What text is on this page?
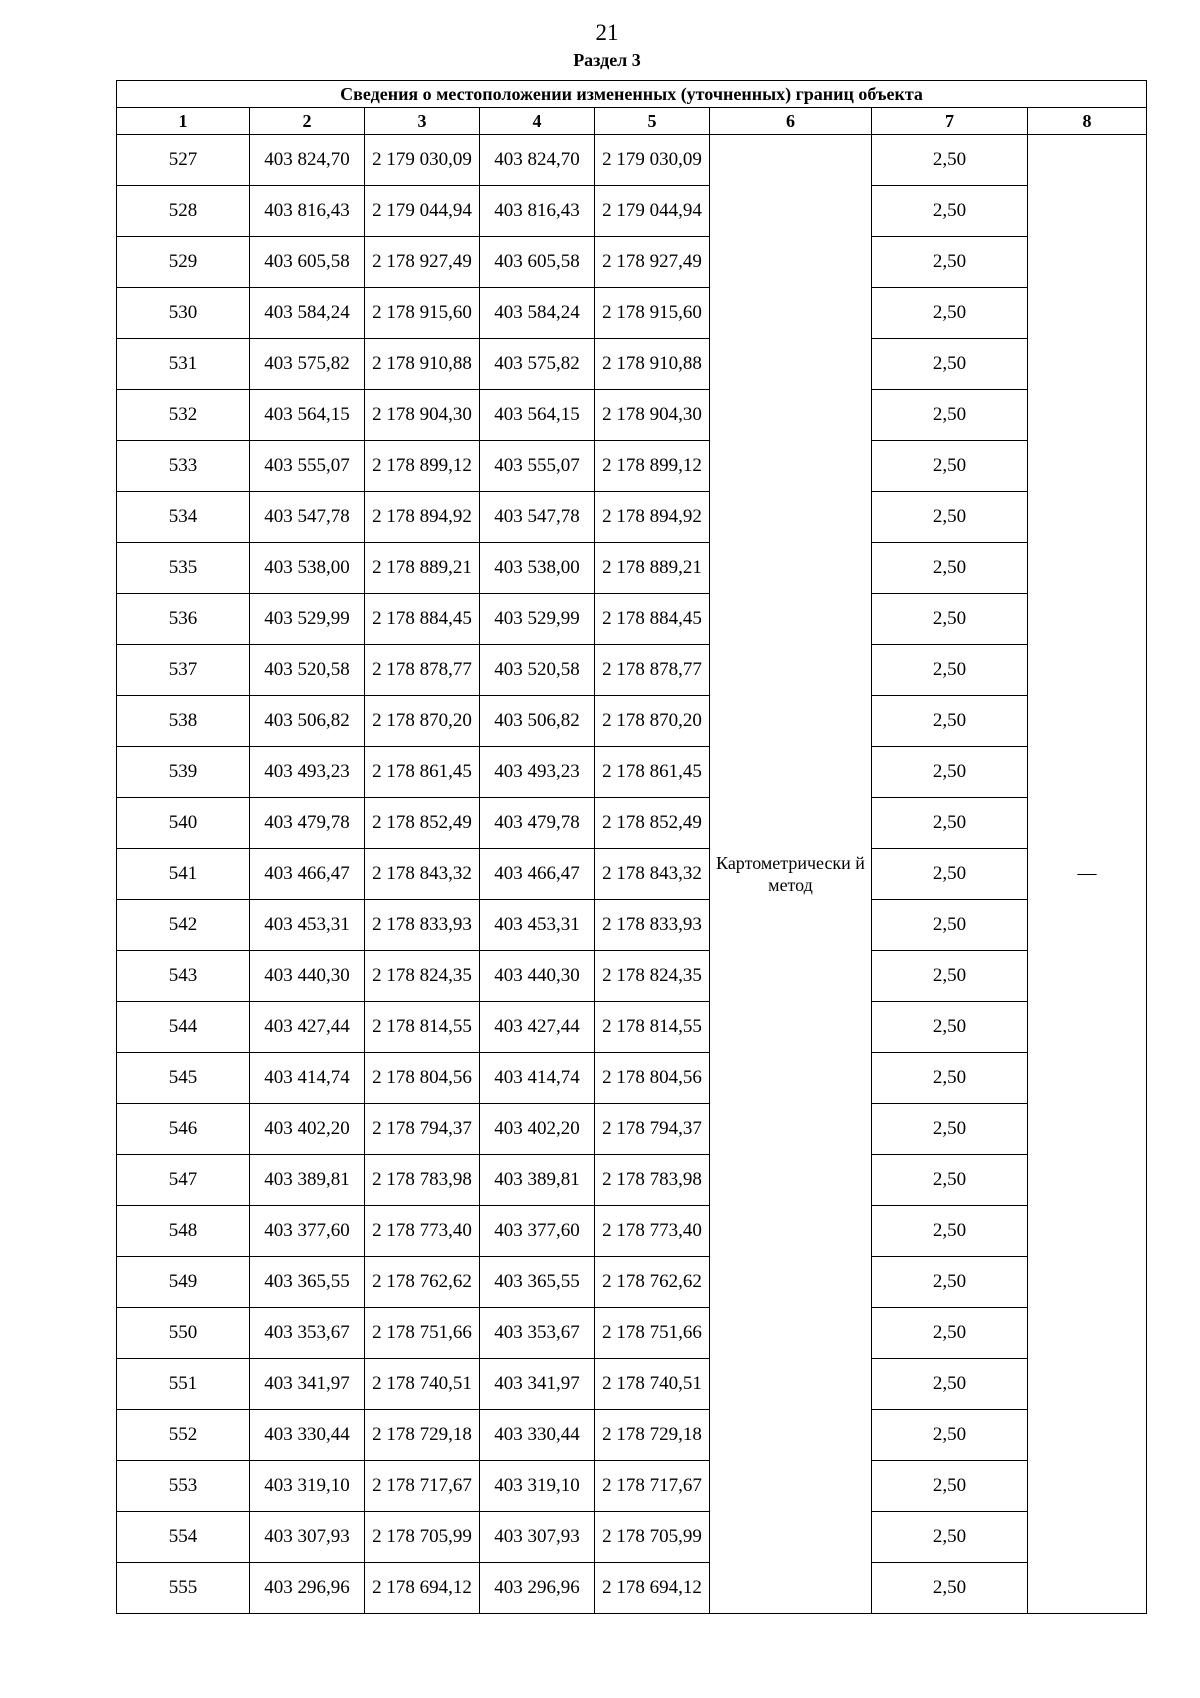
21
Раздел 3
Сведения о местоположении измененных (уточненных) границ объекта							
1	2	3	4	5	6	7	8
527	403 824,70	2 179 030,09	403 824,70	2 179 030,09	Картометрически й метод	2,50	—
528	403 816,43	2 179 044,94	403 816,43	2 179 044,94		2,50	
529	403 605,58	2 178 927,49	403 605,58	2 178 927,49		2,50	
530	403 584,24	2 178 915,60	403 584,24	2 178 915,60		2,50	
531	403 575,82	2 178 910,88	403 575,82	2 178 910,88		2,50	
532	403 564,15	2 178 904,30	403 564,15	2 178 904,30		2,50	
533	403 555,07	2 178 899,12	403 555,07	2 178 899,12		2,50	
534	403 547,78	2 178 894,92	403 547,78	2 178 894,92		2,50	
535	403 538,00	2 178 889,21	403 538,00	2 178 889,21		2,50	
536	403 529,99	2 178 884,45	403 529,99	2 178 884,45		2,50	
537	403 520,58	2 178 878,77	403 520,58	2 178 878,77		2,50	
538	403 506,82	2 178 870,20	403 506,82	2 178 870,20		2,50	
539	403 493,23	2 178 861,45	403 493,23	2 178 861,45		2,50	
540	403 479,78	2 178 852,49	403 479,78	2 178 852,49		2,50	
541	403 466,47	2 178 843,32	403 466,47	2 178 843,32		2,50	
542	403 453,31	2 178 833,93	403 453,31	2 178 833,93		2,50	
543	403 440,30	2 178 824,35	403 440,30	2 178 824,35		2,50	
544	403 427,44	2 178 814,55	403 427,44	2 178 814,55		2,50	
545	403 414,74	2 178 804,56	403 414,74	2 178 804,56		2,50	
546	403 402,20	2 178 794,37	403 402,20	2 178 794,37		2,50	
547	403 389,81	2 178 783,98	403 389,81	2 178 783,98		2,50	
548	403 377,60	2 178 773,40	403 377,60	2 178 773,40		2,50	
549	403 365,55	2 178 762,62	403 365,55	2 178 762,62		2,50	
550	403 353,67	2 178 751,66	403 353,67	2 178 751,66		2,50	
551	403 341,97	2 178 740,51	403 341,97	2 178 740,51		2,50	
552	403 330,44	2 178 729,18	403 330,44	2 178 729,18		2,50	
553	403 319,10	2 178 717,67	403 319,10	2 178 717,67		2,50	
554	403 307,93	2 178 705,99	403 307,93	2 178 705,99		2,50	
555	403 296,96	2 178 694,12	403 296,96	2 178 694,12		2,50	
